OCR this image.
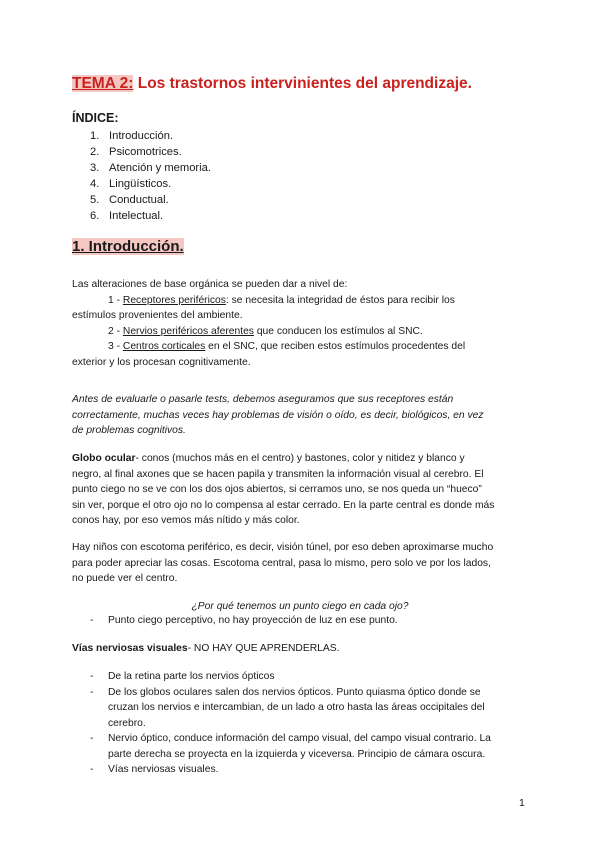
TEMA 2: Los trastornos intervinientes del aprendizaje.
ÍNDICE:
1. Introducción.
2. Psicomotrices.
3. Atención y memoria.
4. Lingüísticos.
5. Conductual.
6. Intelectual.
1. Introducción.
Las alteraciones de base orgánica se pueden dar a nivel de:
1 - Receptores periféricos: se necesita la integridad de éstos para recibir los
estímulos provenientes del ambiente.
2 - Nervios periféricos aferentes que conducen los estímulos al SNC.
3 - Centros corticales en el SNC, que reciben estos estímulos procedentes del
exterior y los procesan cognitivamente.
Antes de evaluarle o pasarle tests, debemos aseguramos que sus receptores están
correctamente, muchas veces hay problemas de visión o oído, es decir, biológicos, en vez
de problemas cognitivos.
Globo ocular- conos (muchos más en el centro) y bastones, color y nitidez y blanco y
negro, al final axones que se hacen papila y transmiten la información visual al cerebro. El
punto ciego no se ve con los dos ojos abiertos, si cerramos uno, se nos queda un “hueco”
sin ver, porque el otro ojo no lo compensa al estar cerrado. En la parte central es donde más
conos hay, por eso vemos más nítido y más color.
Hay niños con escotoma periférico, es decir, visión túnel, por eso deben aproximarse mucho
para poder apreciar las cosas. Escotoma central, pasa lo mismo, pero solo ve por los lados,
no puede ver el centro.
¿Por qué tenemos un punto ciego en cada ojo?
- Punto ciego perceptivo, no hay proyección de luz en ese punto.
Vías nerviosas visuales- NO HAY QUE APRENDERLAS.
- De la retina parte los nervios ópticos
- De los globos oculares salen dos nervios ópticos. Punto quiasma óptico donde se
cruzan los nervios e intercambian, de un lado a otro hasta las áreas occipitales del
cerebro.
- Nervio óptico, conduce información del campo visual, del campo visual contrario. La
parte derecha se proyecta en la izquierda y viceversa. Principio de cámara oscura.
- Vías nerviosas visuales.
1
